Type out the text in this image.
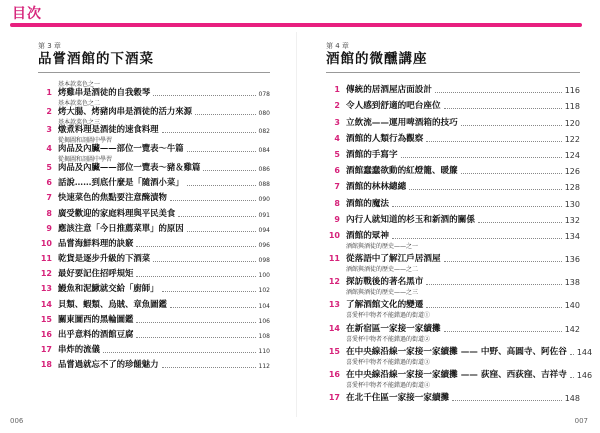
目次
第 3 章
品嘗酒館的下酒菜
1
基本款菜色之一
烤雞串是酒徒的自我穀琴	078
2
基本款菜色之二
烤大腸、烤豬肉串是酒徒的活力來源	080
3
基本款菜色之三
燉煮料理是酒徒的速食料理	082
4
從揭圖和剖圖中學習
肉品及內臟——部位一覽表～牛篇	084
5
從揭圖和剖圖中學習
肉品及內臟——部位一覽表～豬＆雞篇	086
6 話說……到底什麼是「隨酒小菜」	088
7 快速菜色的焦點要注意醃漬物	090
8 廣受歡迎的家庭料理與平民美食	091
9 應該注意「今日推薦菜單」的原因	094
10 品嘗海鮮料理的訣竅	096
11 乾貨是逐步升級的下酒菜	098
12 最好要記住招呼規矩	100
13 鰻魚和泥鰍就交給「廚師」	102
14 貝類、蝦類、烏賊、章魚圖鑑	104
15 關東圖西的黑輪圖鑑	106
16 出乎意料的酒館豆腐	108
17 串炸的流儀	110
18 品嘗過就忘不了的珍饈魅力	112
第 4 章
酒館的微醺講座
1 傳統的居酒屋店面設計	116
2 令人感到舒適的吧台座位	118
3 立飲流——運用啤酒箱的技巧	120
4 酒館的人類行為觀察	122
5 酒館的手寫字	124
6 酒館蠢蠢欲動的紅燈籠、暖簾	126
7 酒館的林林總總	128
8 酒館的魔法	130
9 內行人就知道的杉玉和新酒的關係	132
10 酒館的眾神	134
11
酒館與酒徒的歷史——之一
從落語中了解江戶居酒屋	136
12
酒館與酒徒的歷史——之二
探訪戰後的著名黑市	138
13
酒館與酒徒的歷史——之三
了解酒館文化的變遷	140
14
喜愛杯中物者不能錯過的街道①
在新宿區一家接一家續攤	142
15
喜愛杯中物者不能錯過的街道②
在中央線沿線一家接一家續攤 —— 中野、高圓寺、阿佐谷 144
16
喜愛杯中物者不能錯過的街道③
在中央線沿線一家接一家續攤 —— 荻窪、西荻窪、吉祥寺 146
17
喜愛杯中物者不能錯過的街道④
在北千住區一家接一家續攤	148
006	007
